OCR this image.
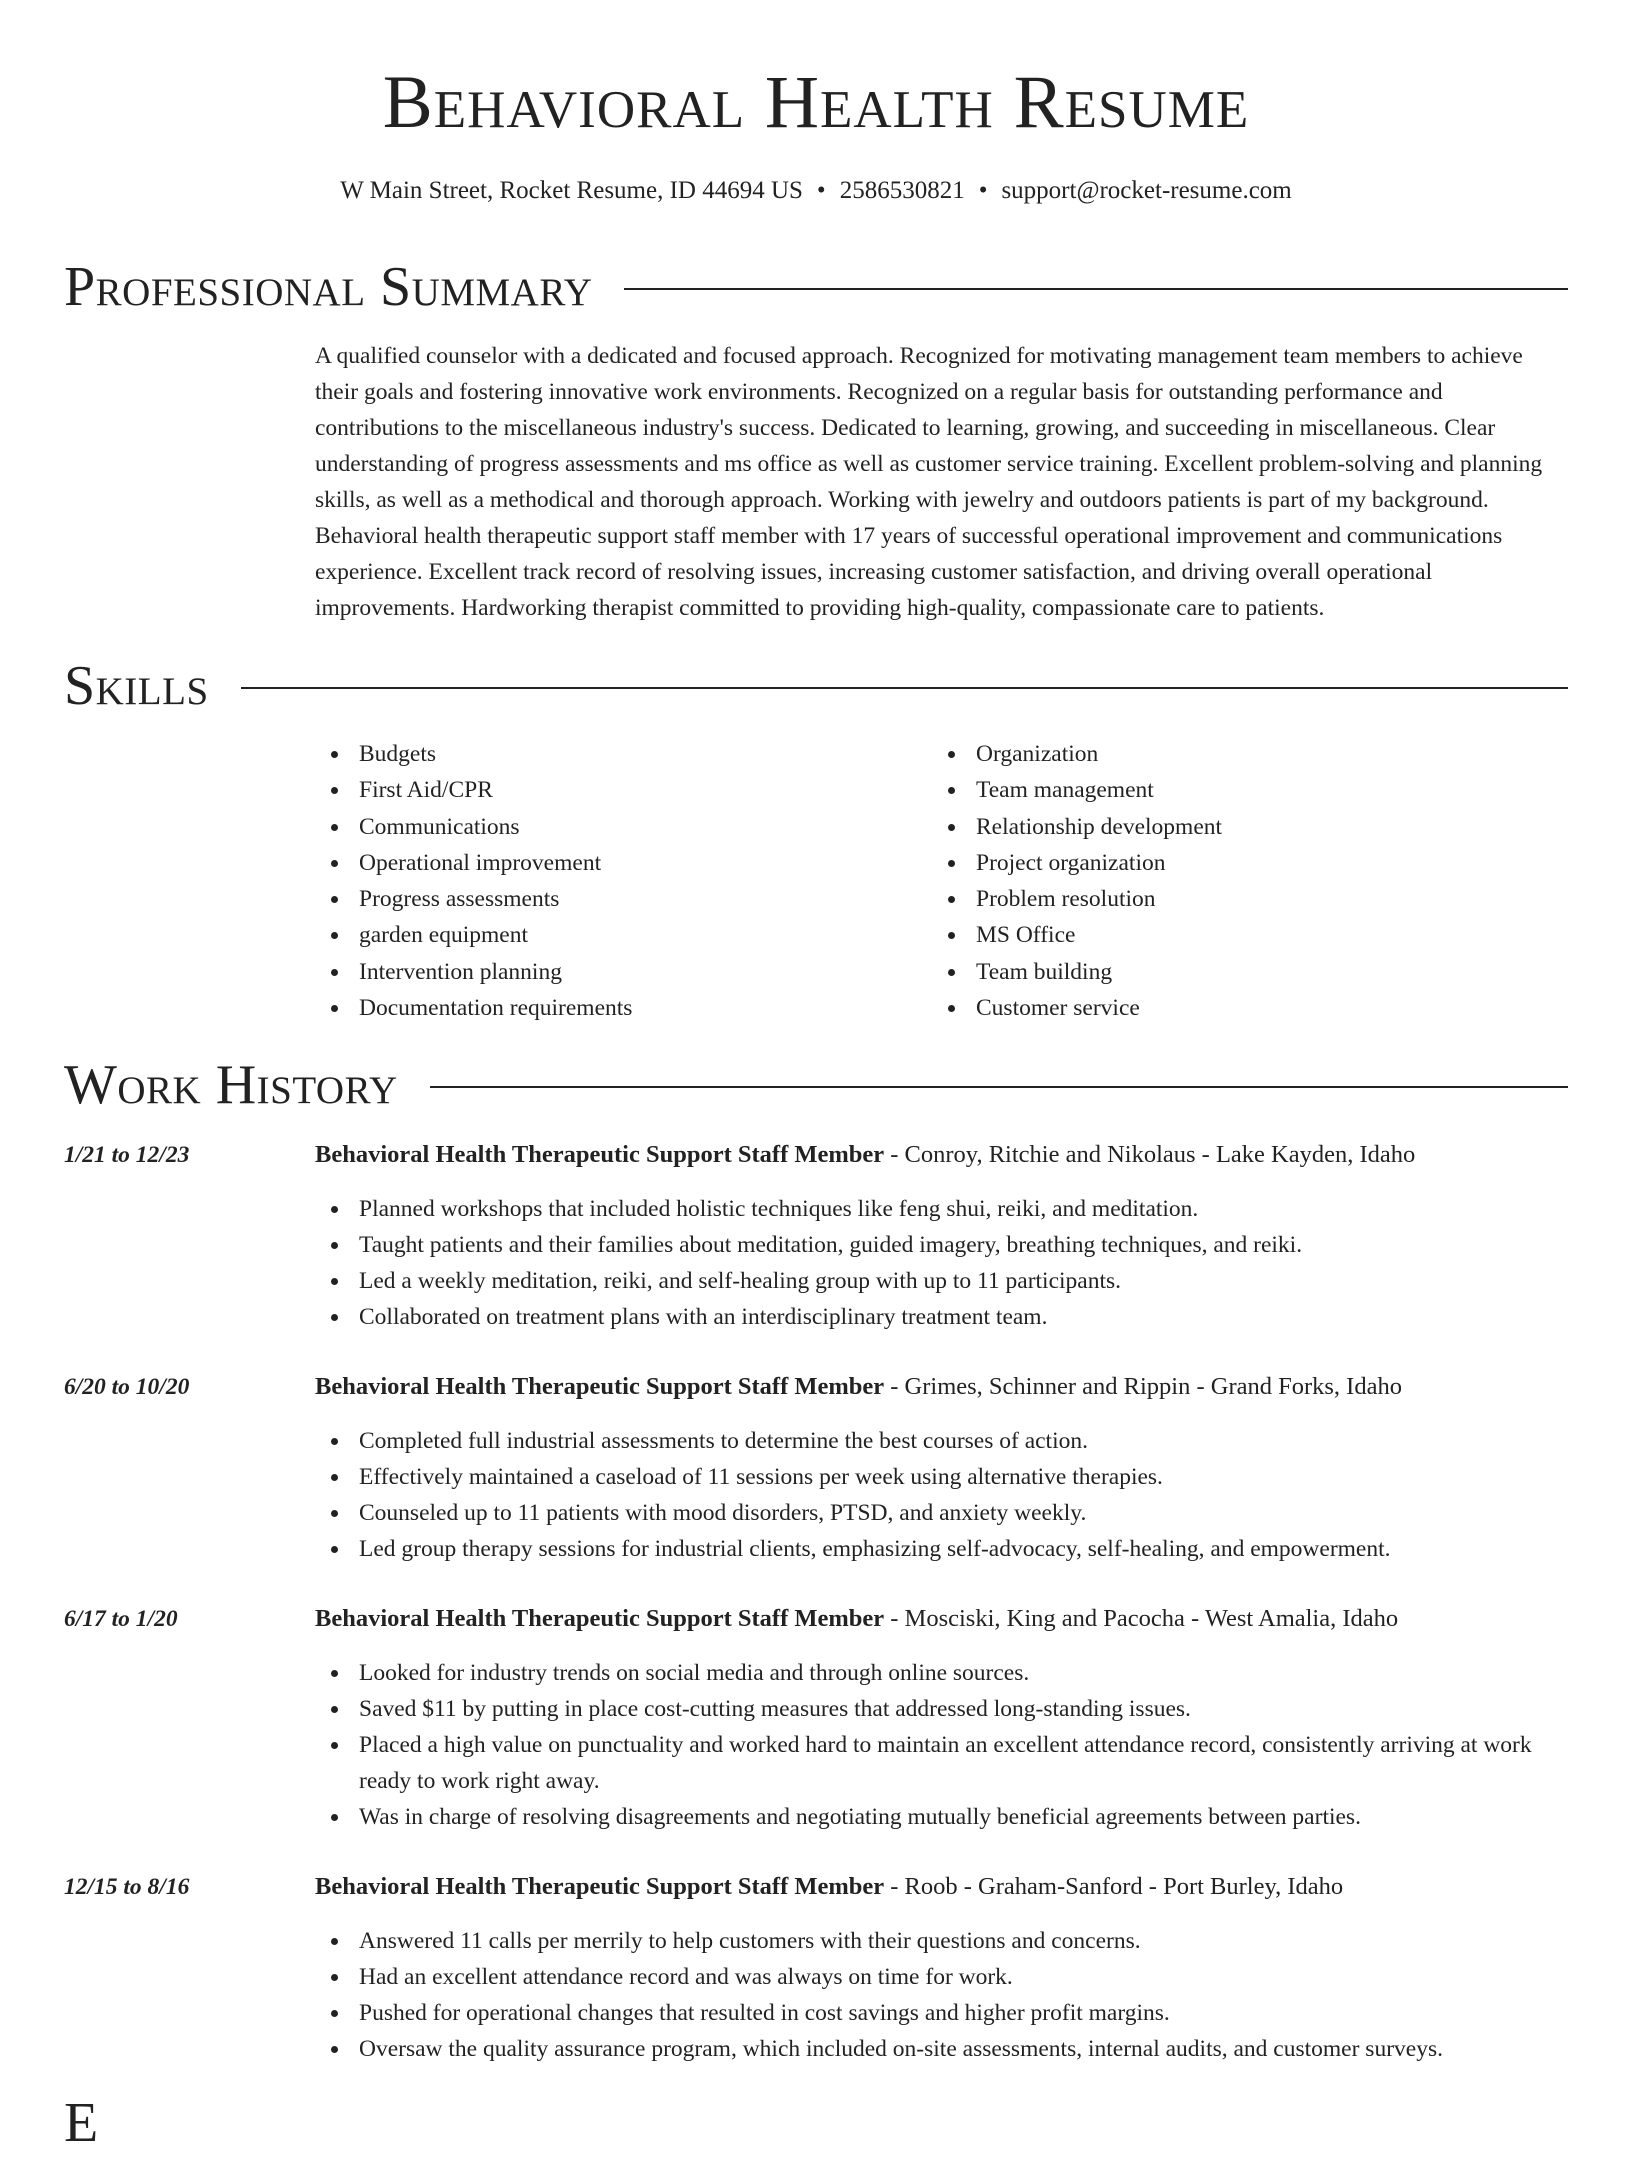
Behavioral Health Resume
W Main Street, Rocket Resume, ID 44694 US • 2586530821 • support@rocket-resume.com
Professional Summary

A qualified counselor with a dedicated and focused approach. Recognized for motivating management team members to achieve their goals and fostering innovative work environments. Recognized on a regular basis for outstanding performance and contributions to the miscellaneous industry's success. Dedicated to learning, growing, and succeeding in miscellaneous. Clear understanding of progress assessments and ms office as well as customer service training. Excellent problem-solving and planning skills, as well as a methodical and thorough approach. Working with jewelry and outdoors patients is part of my background. Behavioral health therapeutic support staff member with 17 years of successful operational improvement and communications experience. Excellent track record of resolving issues, increasing customer satisfaction, and driving overall operational improvements. Hardworking therapist committed to providing high-quality, compassionate care to patients.

Skills
Budgets
First Aid/CPR
Communications
Operational improvement
Progress assessments
garden equipment
Intervention planning
Documentation requirements
Organization
Team management
Relationship development
Project organization
Problem resolution
MS Office
Team building
Customer service
Work History
1/21 to 12/23	Behavioral Health Therapeutic Support Staff Member - Conroy, Ritchie and Nikolaus - Lake Kayden, Idaho
Planned workshops that included holistic techniques like feng shui, reiki, and meditation.
Taught patients and their families about meditation, guided imagery, breathing techniques, and reiki.
Led a weekly meditation, reiki, and self-healing group with up to 11 participants.
Collaborated on treatment plans with an interdisciplinary treatment team.
6/20 to 10/20	Behavioral Health Therapeutic Support Staff Member - Grimes, Schinner and Rippin - Grand Forks, Idaho
Completed full industrial assessments to determine the best courses of action.
Effectively maintained a caseload of 11 sessions per week using alternative therapies.
Counseled up to 11 patients with mood disorders, PTSD, and anxiety weekly.
Led group therapy sessions for industrial clients, emphasizing self-advocacy, self-healing, and empowerment.
6/17 to 1/20	Behavioral Health Therapeutic Support Staff Member - Mosciski, King and Pacocha - West Amalia, Idaho
Looked for industry trends on social media and through online sources.
Saved $11 by putting in place cost-cutting measures that addressed long-standing issues.
Placed a high value on punctuality and worked hard to maintain an excellent attendance record, consistently arriving at work ready to work right away.
Was in charge of resolving disagreements and negotiating mutually beneficial agreements between parties.
12/15 to 8/16	Behavioral Health Therapeutic Support Staff Member - Roob - Graham-Sanford - Port Burley, Idaho
Answered 11 calls per merrily to help customers with their questions and concerns.
Had an excellent attendance record and was always on time for work.
Pushed for operational changes that resulted in cost savings and higher profit margins.
Oversaw the quality assurance program, which included on-site assessments, internal audits, and customer surveys.
E
